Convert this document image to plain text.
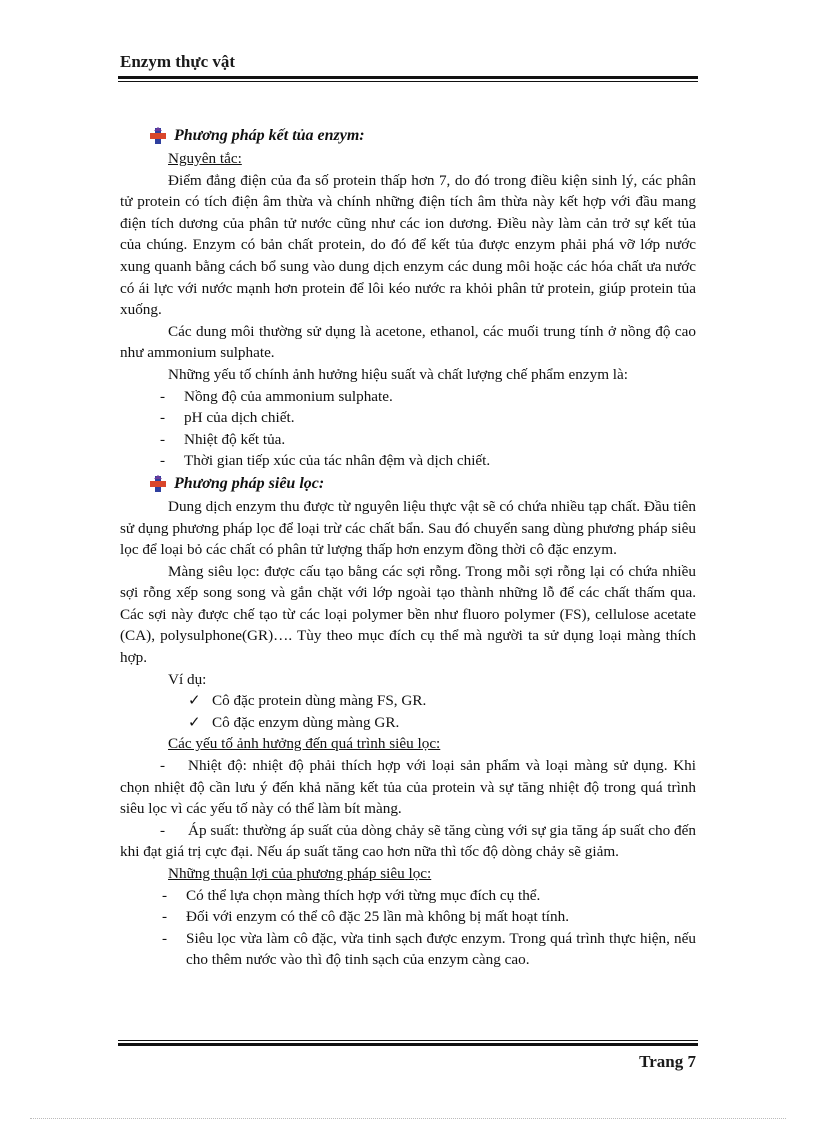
Enzym thực vật
Phương pháp kết tủa enzym:
Nguyên tắc:

Điểm đẳng điện của đa số protein thấp hơn 7, do đó trong điều kiện sinh lý, các phân tử protein có tích điện âm thừa và chính những điện tích âm thừa này kết hợp với đầu mang điện tích dương của phân tử nước cũng như các ion dương. Điều này làm cản trở sự kết tủa của chúng. Enzym có bản chất protein, do đó để kết tủa được enzym phải phá vỡ lớp nước xung quanh bằng cách bổ sung vào dung dịch enzym các dung môi hoặc các hóa chất ưa nước có ái lực với nước mạnh hơn protein để lôi kéo nước ra khỏi phân tử protein, giúp protein tủa xuống.

Các dung môi thường sử dụng là acetone, ethanol, các muối trung tính ở nồng độ cao như ammonium sulphate.

Những yếu tố chính ảnh hưởng hiệu suất và chất lượng chế phẩm enzym là:

-	Nồng độ của ammonium sulphate.
-	pH của dịch chiết.
-	Nhiệt độ kết tủa.
-	Thời gian tiếp xúc của tác nhân đệm và dịch chiết.
Phương pháp siêu lọc:

Dung dịch enzym thu được từ nguyên liệu thực vật sẽ có chứa nhiều tạp chất. Đầu tiên sử dụng phương pháp lọc để loại trừ các chất bẩn. Sau đó chuyển sang dùng phương pháp siêu lọc để loại bỏ các chất có phân tử lượng thấp hơn enzym đồng thời cô đặc enzym.

Màng siêu lọc: được cấu tạo bằng các sợi rỗng. Trong mỗi sợi rỗng lại có chứa nhiều sợi rỗng xếp song song và gắn chặt với lớp ngoài tạo thành những lỗ để các chất thấm qua. Các sợi này được chế tạo từ các loại polymer bền như fluoro polymer (FS), cellulose acetate (CA), polysulphone(GR)…. Tùy theo mục đích cụ thể mà người ta sử dụng loại màng thích hợp.

Ví dụ:
✓ Cô đặc protein dùng màng FS, GR.
✓ Cô đặc enzym dùng màng GR.
Các yếu tố ảnh hưởng đến quá trình siêu lọc:

- Nhiệt độ: nhiệt độ phải thích hợp với loại sản phẩm và loại màng sử dụng. Khi chọn nhiệt độ cần lưu ý đến khả năng kết tủa của protein và sự tăng nhiệt độ trong quá trình siêu lọc vì các yếu tố này có thể làm bít màng.

- Áp suất: thường áp suất của dòng chảy sẽ tăng cùng với sự gia tăng áp suất cho đến khi đạt giá trị cực đại. Nếu áp suất tăng cao hơn nữa thì tốc độ dòng chảy sẽ giảm.

Những thuận lợi của phương pháp siêu lọc:
-	Có thể lựa chọn màng thích hợp với từng mục đích cụ thể.
-	Đối với enzym có thể cô đặc 25 lần mà không bị mất hoạt tính.
-	Siêu lọc vừa làm cô đặc, vừa tinh sạch được enzym. Trong quá trình thực hiện, nếu cho thêm nước vào thì độ tinh sạch của enzym càng cao.
Trang 7
